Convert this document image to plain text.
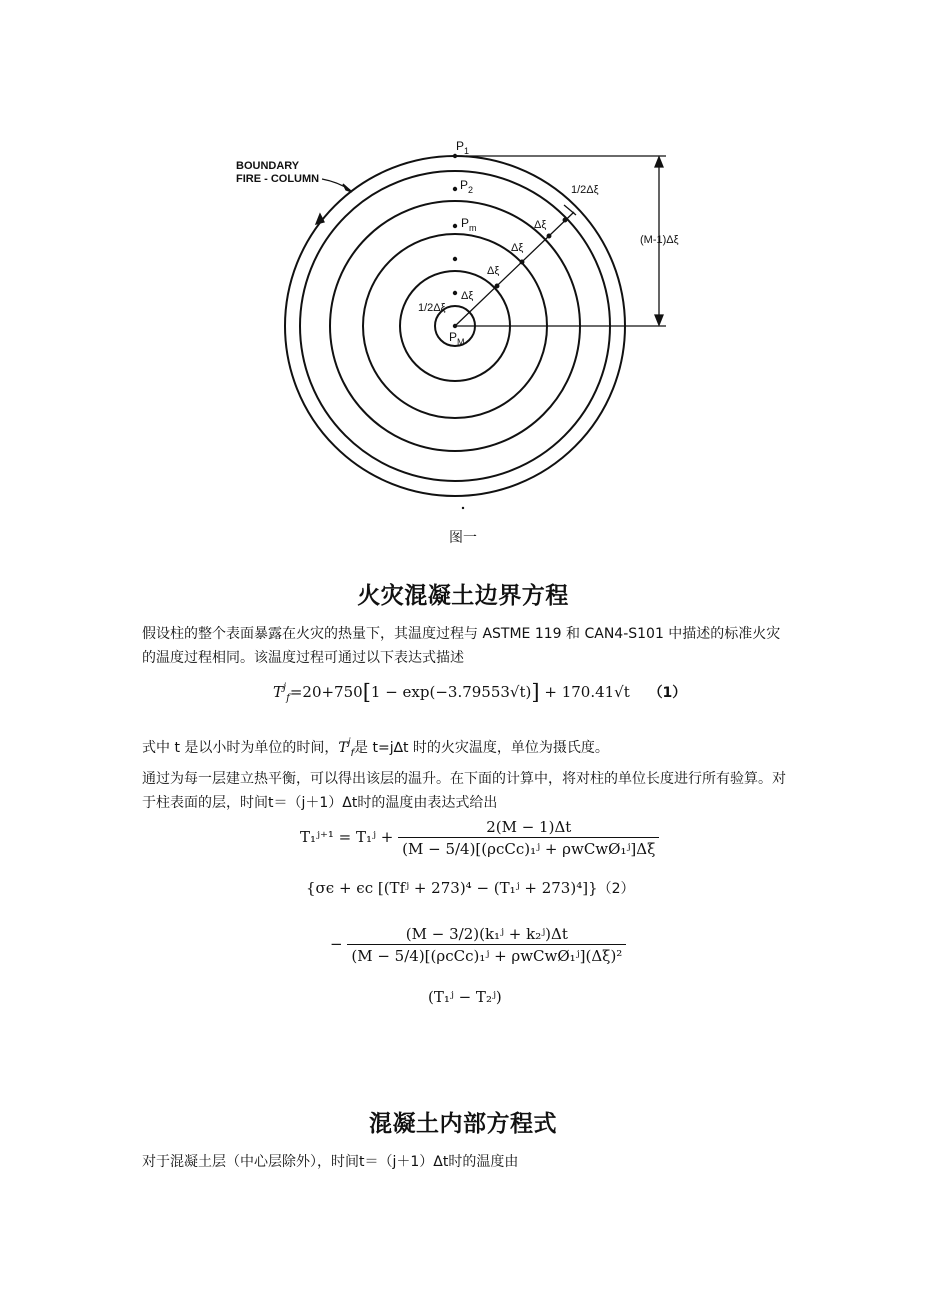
BOUNDARY
FIRE - COLUMN
$P_1$
$P_2$
$P_m$
$P_M$
1/2Δξ
Δξ
Δξ
Δξ
Δξ
1/2Δξ
(M-1)Δξ
图一
火灾混凝土边界方程
假设柱的整个表面暴露在火灾的热量下，其温度过程与 ASTME 119 和 CAN4-S101 中描述的标准火灾的温度过程相同。该温度过程可通过以下表达式描述
$T^j_f=20+750[1 - \exp(-3.79553√t)] + 170.41√t$ （1）
式中 t 是以小时为单位的时间，$T^j_f$是 t=j∆t 时的火灾温度，单位为摄氏度。
通过为每一层建立热平衡，可以得出该层的温升。在下面的计算中，将对柱的单位长度进行所有验算。对于柱表面的层，时间t＝（j＋1）Δt时的温度由表达式给出
T₁ʲ⁺¹ = T₁ʲ + $\frac{2(M - 1)\Delta t}{\text{(M − 5/4)[(ρcCc)₁ʲ + ρwCwØ₁ʲ]Δξ}}$
{σϵ + ϵc [(Tfʲ + 273)⁴ − (T₁ʲ + 273)⁴]}（2）
− $\frac{\text{(M − 3/2)(k₁ʲ + k₂ʲ)Δt}}{\text{(M − 5/4)[(ρcCc)₁ʲ + ρwCwØ₁ʲ](Δξ)²}}$
(T₁ʲ − T₂ʲ)
混凝土内部方程式
对于混凝土层（中心层除外），时间t＝（j＋1）Δt时的温度由
